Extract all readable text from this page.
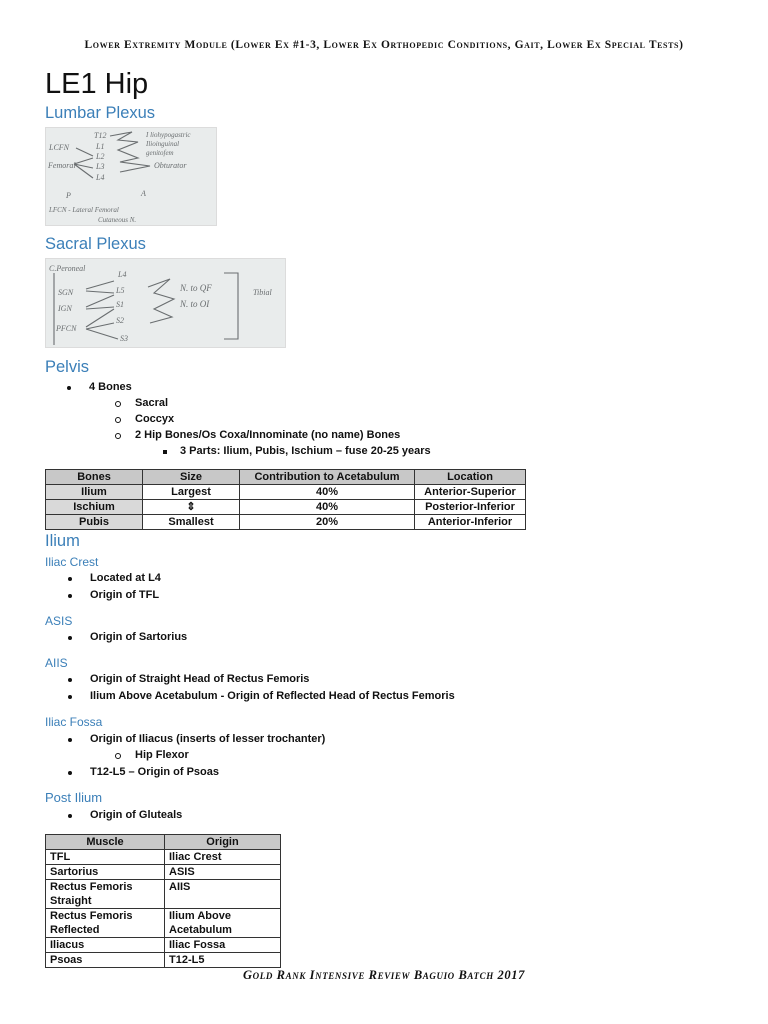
Lower Extremity Module (Lower Ex #1-3, Lower Ex Orthopedic Conditions, Gait, Lower Ex Special Tests)
LE1 Hip
Lumbar Plexus
LCFN
Femoral
T12
L1
L2
L3
L4
I liohypogastric
Ilioinguinal
genitofem
Obturator
P	A
LFCN - Lateral Femoral
Cutaneous N.
Sacral Plexus
C.Peroneal
SGN
IGN
PFCN
L4
L5
S1
S2
S3
N. to QF
N. to OI
Tibial
Pelvis
4 Bones
Sacral
Coccyx
2 Hip Bones/Os Coxa/Innominate (no name) Bones
3 Parts: Ilium, Pubis, Ischium – fuse 20-25 years
Bones	Size	Contribution to Acetabulum	Location
Ilium	Largest	40%	Anterior-Superior
Ischium	⇕	40%	Posterior-Inferior
Pubis	Smallest	20%	Anterior-Inferior
Ilium
Iliac Crest
Located at L4
Origin of TFL
ASIS
Origin of Sartorius
AIIS
Origin of Straight Head of Rectus Femoris
Ilium Above Acetabulum - Origin of Reflected Head of Rectus Femoris
Iliac Fossa
Origin of Iliacus (inserts of lesser trochanter)
Hip Flexor
T12-L5 – Origin of Psoas
Post Ilium
Origin of Gluteals
Muscle	Origin
TFL	Iliac Crest
Sartorius	ASIS
Rectus Femoris
Straight	AIIS
Rectus Femoris
Reflected	Ilium Above
Acetabulum
Iliacus	Iliac Fossa
Psoas	T12-L5
Gold Rank Intensive Review Baguio Batch 2017
